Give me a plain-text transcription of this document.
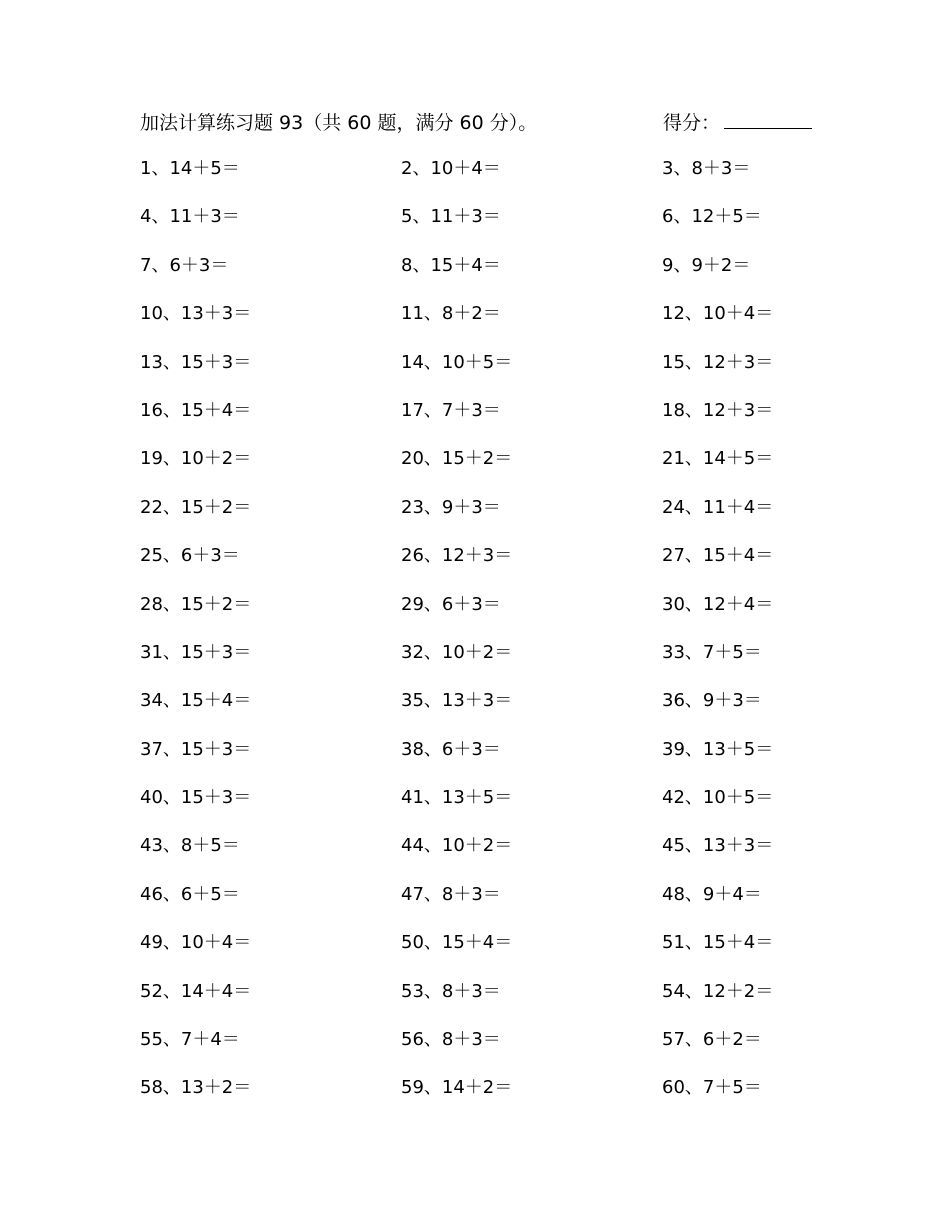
加法计算练习题 93（共 60 题，满分 60 分）。	得分：
1、14＋5＝	2、10＋4＝	3、8＋3＝
4、11＋3＝	5、11＋3＝	6、12＋5＝
7、6＋3＝	8、15＋4＝	9、9＋2＝
10、13＋3＝	11、8＋2＝	12、10＋4＝
13、15＋3＝	14、10＋5＝	15、12＋3＝
16、15＋4＝	17、7＋3＝	18、12＋3＝
19、10＋2＝	20、15＋2＝	21、14＋5＝
22、15＋2＝	23、9＋3＝	24、11＋4＝
25、6＋3＝	26、12＋3＝	27、15＋4＝
28、15＋2＝	29、6＋3＝	30、12＋4＝
31、15＋3＝	32、10＋2＝	33、7＋5＝
34、15＋4＝	35、13＋3＝	36、9＋3＝
37、15＋3＝	38、6＋3＝	39、13＋5＝
40、15＋3＝	41、13＋5＝	42、10＋5＝
43、8＋5＝	44、10＋2＝	45、13＋3＝
46、6＋5＝	47、8＋3＝	48、9＋4＝
49、10＋4＝	50、15＋4＝	51、15＋4＝
52、14＋4＝	53、8＋3＝	54、12＋2＝
55、7＋4＝	56、8＋3＝	57、6＋2＝
58、13＋2＝	59、14＋2＝	60、7＋5＝
